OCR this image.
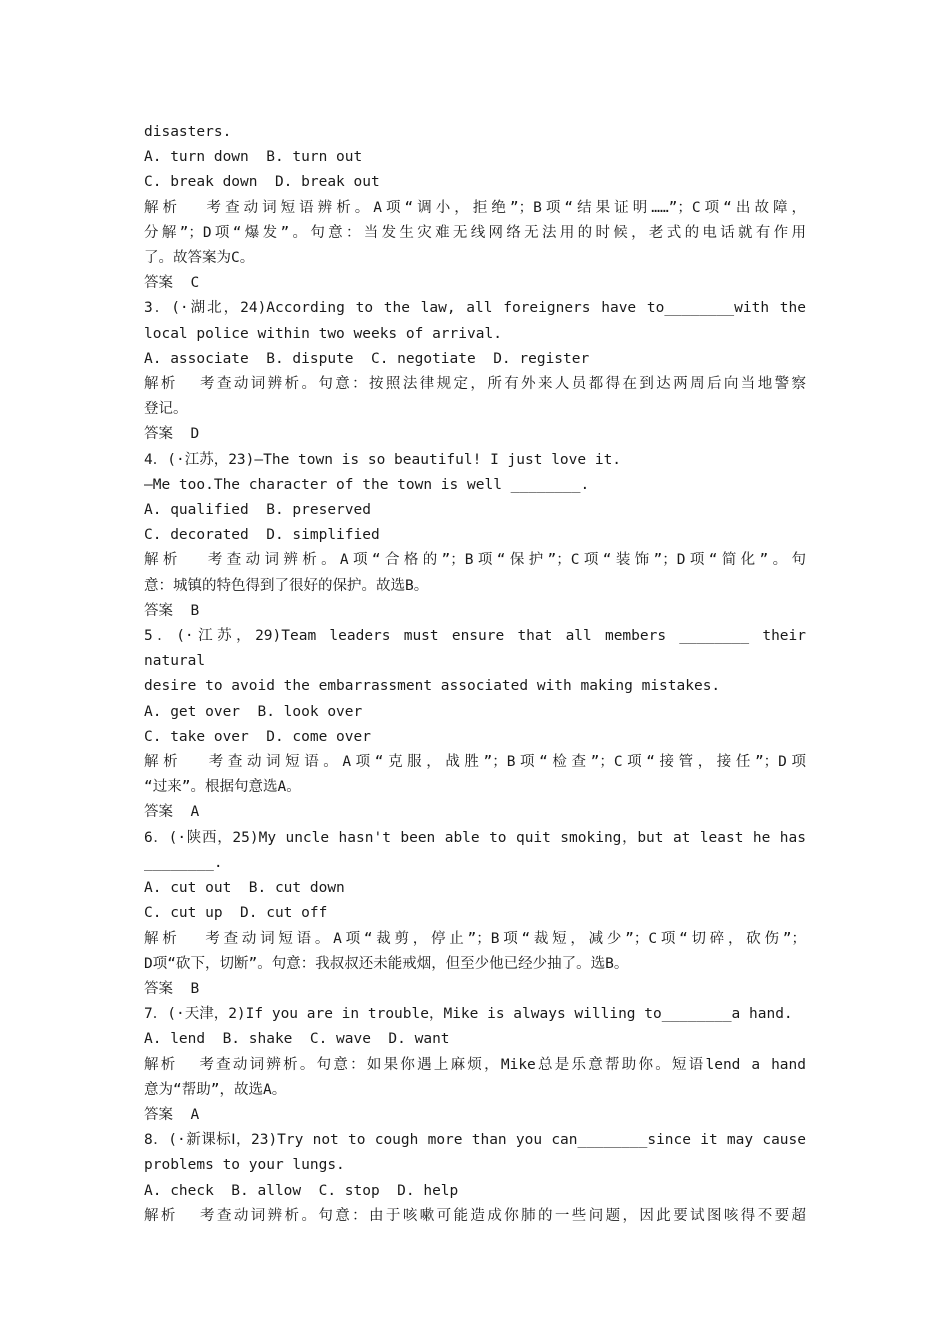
disasters.
A. turn down  B. turn out
C. break down  D. break out
解析  考查动词短语辨析。A项“调小，拒绝”；B项“结果证明……”；C项“出故障，
分解”；D项“爆发”。句意：当发生灾难无线网络无法用的时候，老式的电话就有作用
了。故答案为C。
答案  C
3．(·湖北，24)According to the law, all foreigners have to________with the
local police within two weeks of arrival.
A. associate  B. dispute  C. negotiate  D. register
解析  考查动词辨析。句意：按照法律规定，所有外来人员都得在到达两周后向当地警察
登记。
答案  D
4．(·江苏，23)—The town is so beautiful! I just love it.
—Me too.The character of the town is well ________.
A. qualified  B. preserved
C. decorated  D. simplified
解析  考查动词辨析。A项“合格的”；B项“保护”；C项“装饰”；D项“简化”。句
意：城镇的特色得到了很好的保护。故选B。
答案  B
5．(·江苏，29)Team leaders must ensure that all members ________ their natural
desire to avoid the embarrassment associated with making mistakes.
A. get over  B. look over
C. take over  D. come over
解析  考查动词短语。A项“克服，战胜”；B项“检查”；C项“接管，接任”；D项
“过来”。根据句意选A。
答案  A
6．(·陕西，25)My uncle hasn't been able to quit smoking，but at least he has
________.
A. cut out  B. cut down
C. cut up  D. cut off
解析  考查动词短语。A项“裁剪，停止”；B项“裁短，减少”；C项“切碎，砍伤”；
D项“砍下，切断”。句意：我叔叔还未能戒烟，但至少他已经少抽了。选B。
答案  B
7．(·天津，2)If you are in trouble，Mike is always willing to________a hand.
A. lend  B. shake  C. wave  D. want
解析  考查动词辨析。句意：如果你遇上麻烦，Mike总是乐意帮助你。短语lend a hand
意为“帮助”，故选A。
答案  A
8．(·新课标Ⅰ，23)Try not to cough more than you can________since it may cause
problems to your lungs.
A. check  B. allow  C. stop  D. help
解析  考查动词辨析。句意：由于咳嗽可能造成你肺的一些问题，因此要试图咳得不要超
